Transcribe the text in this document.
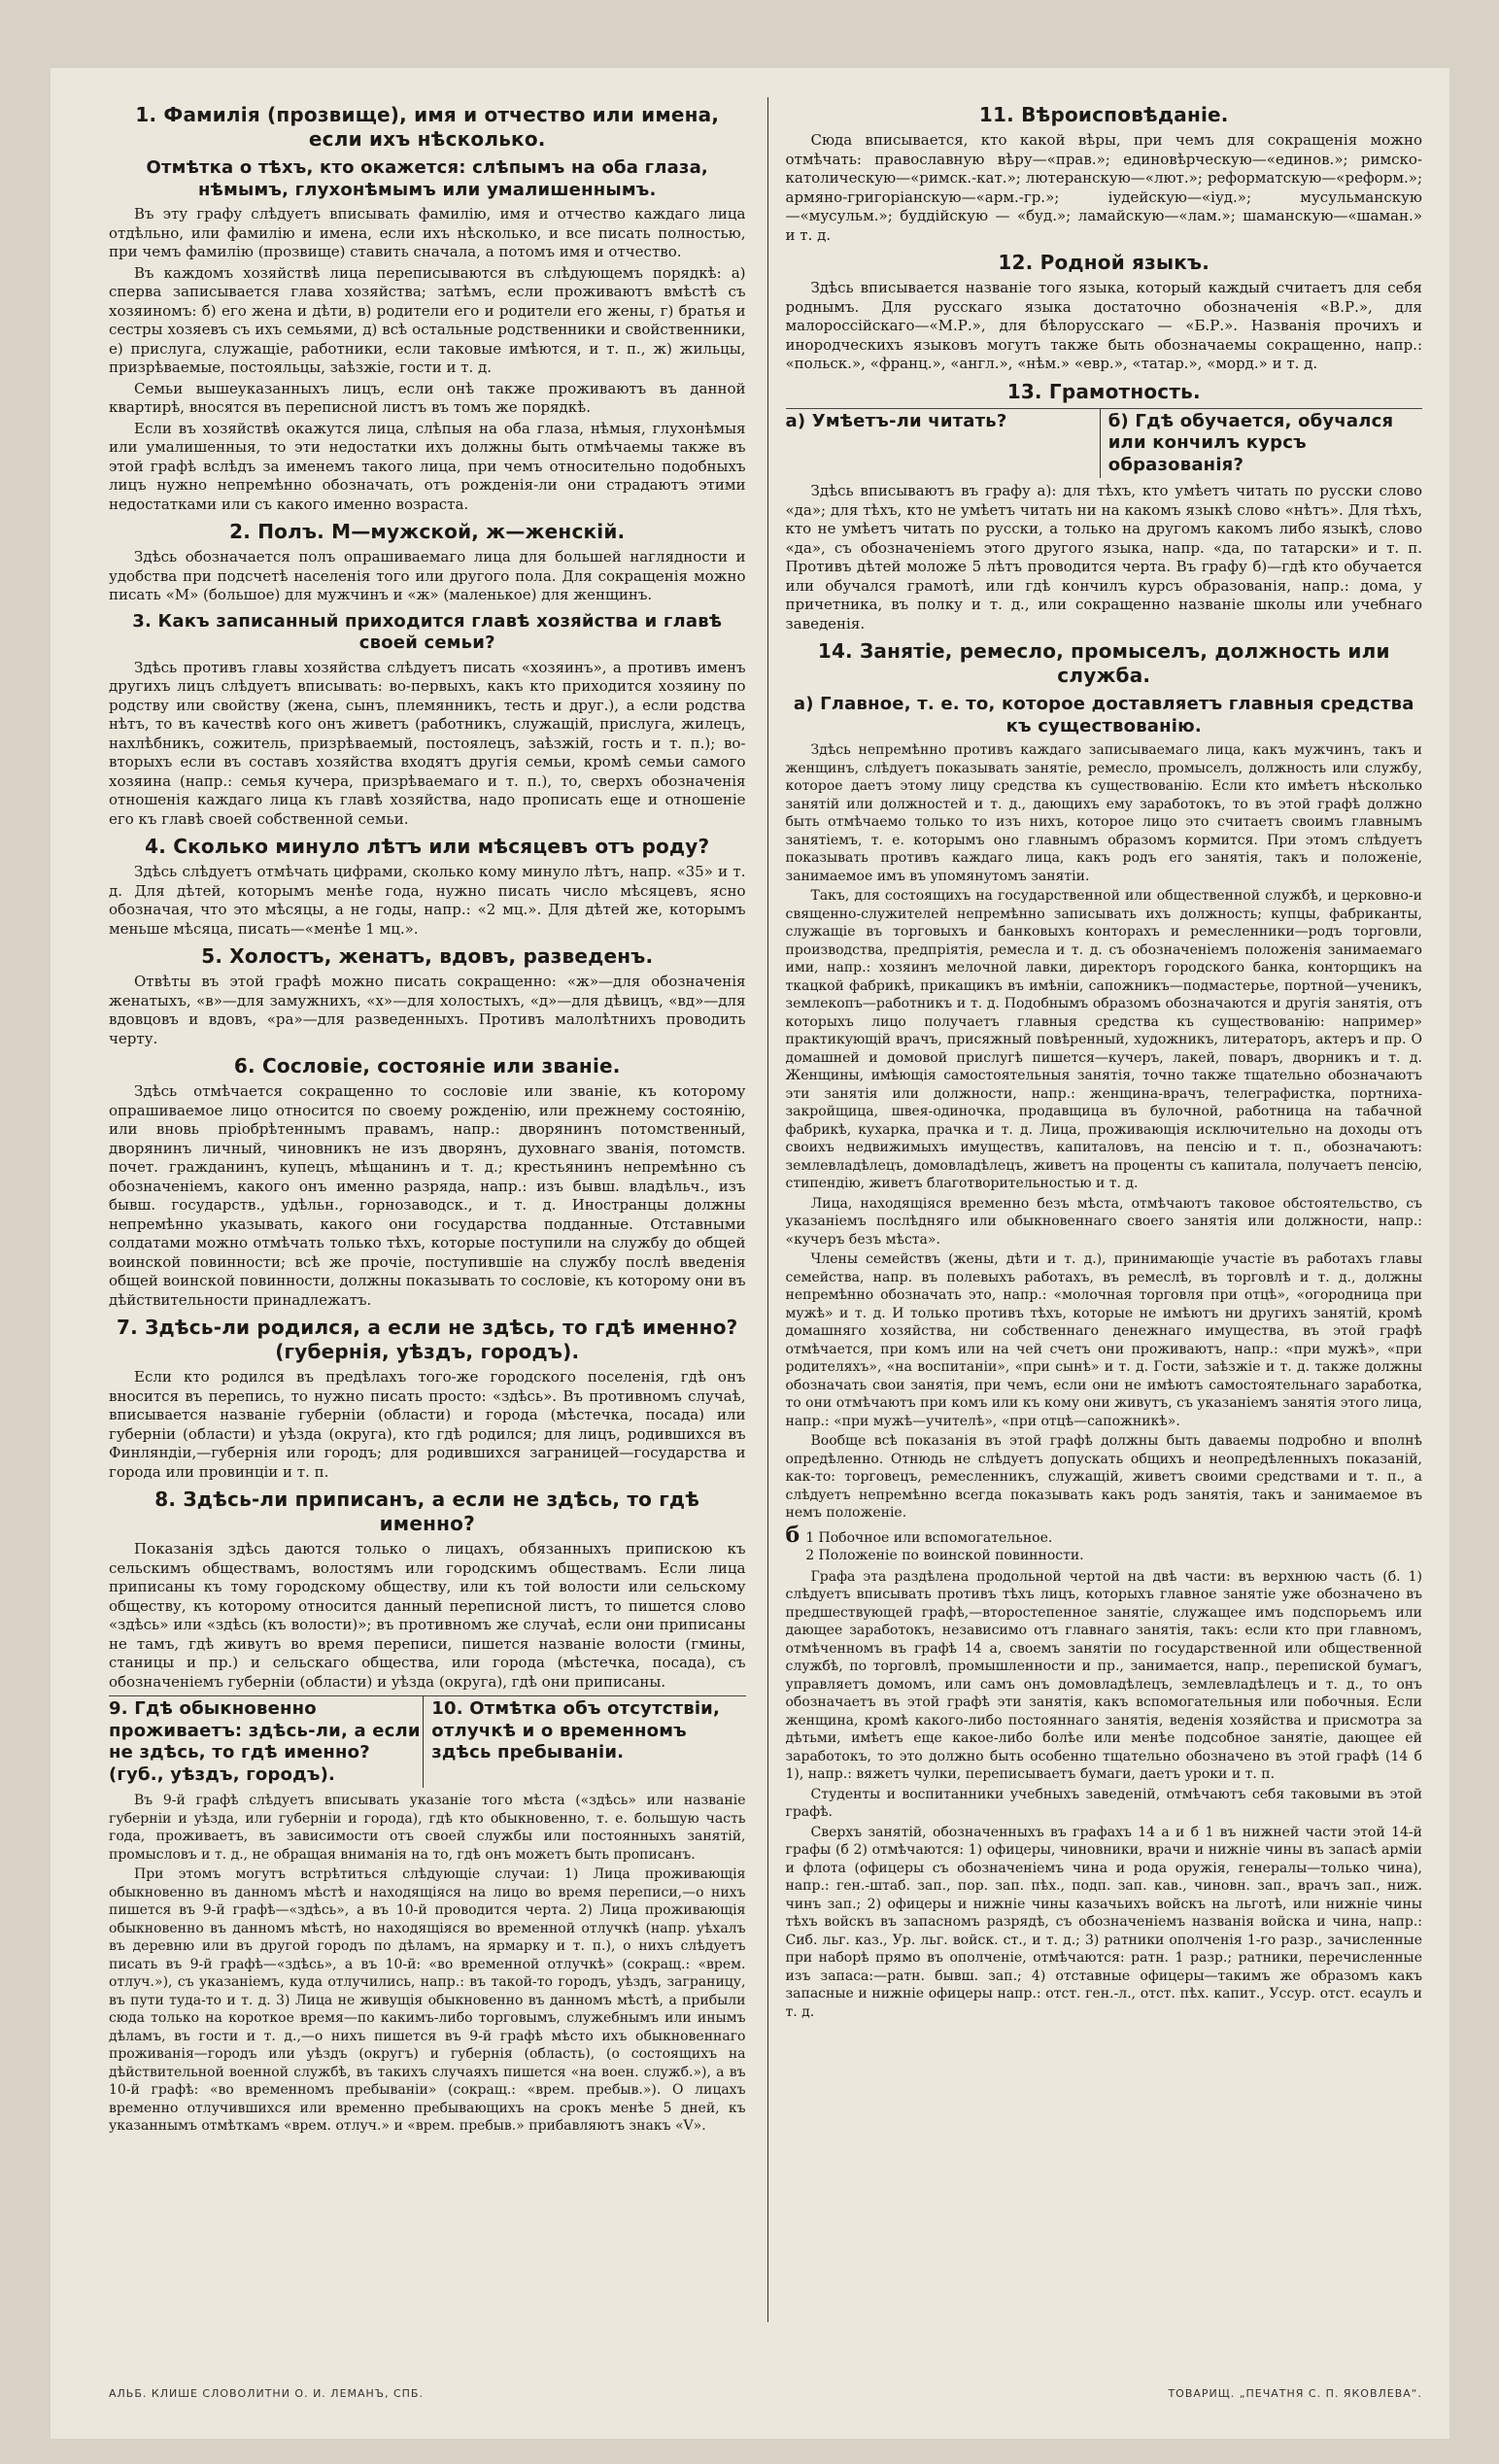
1. Фамилія (прозвище), имя и отчество или имена, если ихъ нѣсколько.
Отмѣтка о тѣхъ, кто окажется: слѣпымъ на оба глаза, нѣмымъ, глухонѣмымъ или умалишеннымъ.

Въ эту графу слѣдуетъ вписывать фамилію, имя и отчество каждаго лица отдѣльно, или фамилію и имена, если ихъ нѣсколько, и все писать полностью, при чемъ фамилію (прозвище) ставить сначала, а потомъ имя и отчество.

Въ каждомъ хозяйствѣ лица переписываются въ слѣдующемъ порядкѣ: а) сперва записывается глава хозяйства; затѣмъ, если проживаютъ вмѣстѣ съ хозяиномъ: б) его жена и дѣти, в) родители его и родители его жены, г) братья и сестры хозяевъ съ ихъ семьями, д) всѣ остальные родственники и свойственники, е) прислуга, служащіе, работники, если таковые имѣются, и т. п., ж) жильцы, призрѣваемые, постояльцы, заѣзжіе, гости и т. д.

Семьи вышеуказанныхъ лицъ, если онѣ также проживаютъ въ данной квартирѣ, вносятся въ переписной листъ въ томъ же порядкѣ.

Если въ хозяйствѣ окажутся лица, слѣпыя на оба глаза, нѣмыя, глухонѣмыя или умалишенныя, то эти недостатки ихъ должны быть отмѣчаемы также въ этой графѣ вслѣдъ за именемъ такого лица, при чемъ относительно подобныхъ лицъ нужно непремѣнно обозначать, отъ рожденія-ли они страдаютъ этими недостатками или съ какого именно возраста.

2. Полъ. М—мужской, ж—женскій.

Здѣсь обозначается полъ опрашиваемаго лица для большей наглядности и удобства при подсчетѣ населенія того или другого пола. Для сокращенія можно писать «М» (большое) для мужчинъ и «ж» (маленькое) для женщинъ.

3. Какъ записанный приходится главѣ хозяйства и главѣ своей семьи?

Здѣсь противъ главы хозяйства слѣдуетъ писать «хозяинъ», а противъ именъ другихъ лицъ слѣдуетъ вписывать: во-первыхъ, какъ кто приходится хозяину по родству или свойству (жена, сынъ, племянникъ, тесть и друг.), а если родства нѣтъ, то въ качествѣ кого онъ живетъ (работникъ, служащій, прислуга, жилецъ, нахлѣбникъ, сожитель, призрѣваемый, постоялецъ, заѣзжій, гость и т. п.); во-вторыхъ если въ составъ хозяйства входятъ другія семьи, кромѣ семьи самого хозяина (напр.: семья кучера, призрѣваемаго и т. п.), то, сверхъ обозначенія отношенія каждаго лица къ главѣ хозяйства, надо прописать еще и отношеніе его къ главѣ своей собственной семьи.

4. Сколько минуло лѣтъ или мѣсяцевъ отъ роду?

Здѣсь слѣдуетъ отмѣчать цифрами, сколько кому минуло лѣтъ, напр. «35» и т. д. Для дѣтей, которымъ менѣе года, нужно писать число мѣсяцевъ, ясно обозначая, что это мѣсяцы, а не годы, напр.: «2 мц.». Для дѣтей же, которымъ меньше мѣсяца, писать—«менѣе 1 мц.».

5. Холостъ, женатъ, вдовъ, разведенъ.

Отвѣты въ этой графѣ можно писать сокращенно: «ж»—для обозначенія женатыхъ, «в»—для замужнихъ, «х»—для холостыхъ, «д»—для дѣвицъ, «вд»—для вдовцовъ и вдовъ, «ра»—для разведенныхъ. Противъ малолѣтнихъ проводить черту.

6. Сословіе, состояніе или званіе.

Здѣсь отмѣчается сокращенно то сословіе или званіе, къ которому опрашиваемое лицо относится по своему рожденію, или прежнему состоянію, или вновь пріобрѣтеннымъ правамъ, напр.: дворянинъ потомственный, дворянинъ личный, чиновникъ не изъ дворянъ, духовнаго званія, потомств. почет. гражданинъ, купецъ, мѣщанинъ и т. д.; крестьянинъ непремѣнно съ обозначеніемъ, какого онъ именно разряда, напр.: изъ бывш. владѣльч., изъ бывш. государств., удѣльн., горнозаводск., и т. д. Иностранцы должны непремѣнно указывать, какого они государства подданные. Отставными солдатами можно отмѣчать только тѣхъ, которые поступили на службу до общей воинской повинности; всѣ же прочіе, поступившіе на службу послѣ введенія общей воинской повинности, должны показывать то сословіе, къ которому они въ дѣйствительности принадлежатъ.

7. Здѣсь-ли родился, а если не здѣсь, то гдѣ именно? (губернія, уѣздъ, городъ).

Если кто родился въ предѣлахъ того-же городского поселенія, гдѣ онъ вносится въ перепись, то нужно писать просто: «здѣсь». Въ противномъ случаѣ, вписывается названіе губерніи (области) и города (мѣстечка, посада) или губерніи (области) и уѣзда (округа), кто гдѣ родился; для лицъ, родившихся въ Финляндіи,—губернія или городъ; для родившихся заграницей—государства и города или провинціи и т. п.

8. Здѣсь-ли приписанъ, а если не здѣсь, то гдѣ именно?

Показанія здѣсь даются только о лицахъ, обязанныхъ припискою къ сельскимъ обществамъ, волостямъ или городскимъ обществамъ. Если лица приписаны къ тому городскому обществу, или къ той волости или сельскому обществу, къ которому относится данный переписной листъ, то пишется слово «здѣсь» или «здѣсь (къ волости)»; въ противномъ же случаѣ, если они приписаны не тамъ, гдѣ живутъ во время переписи, пишется названіе волости (гмины, станицы и пр.) и сельскаго общества, или города (мѣстечка, посада), съ обозначеніемъ губерніи (области) и уѣзда (округа), гдѣ они приписаны.

9. Гдѣ обыкновенно проживаетъ: здѣсь-ли, а если не здѣсь, то гдѣ именно? (губ., уѣздъ, городъ).
10. Отмѣтка объ отсутствіи, отлучкѣ и о временномъ здѣсь пребываніи.

Въ 9-й графѣ слѣдуетъ вписывать указаніе того мѣста («здѣсь» или названіе губерніи и уѣзда, или губерніи и города), гдѣ кто обыкновенно, т. е. большую часть года, проживаетъ, въ зависимости отъ своей службы или постоянныхъ занятій, промысловъ и т. д., не обращая вниманія на то, гдѣ онъ можетъ быть прописанъ.

При этомъ могутъ встрѣтиться слѣдующіе случаи: 1) Лица проживающія обыкновенно въ данномъ мѣстѣ и находящіяся на лицо во время переписи,—о нихъ пишется въ 9-й графѣ—«здѣсь», а въ 10-й проводится черта. 2) Лица проживающія обыкновенно въ данномъ мѣстѣ, но находящіяся во временной отлучкѣ (напр. уѣхалъ въ деревню или въ другой городъ по дѣламъ, на ярмарку и т. п.), о нихъ слѣдуетъ писать въ 9-й графѣ—«здѣсь», а въ 10-й: «во временной отлучкѣ» (сокращ.: «врем. отлуч.»), съ указаніемъ, куда отлучились, напр.: въ такой-то городъ, уѣздъ, заграницу, въ пути туда-то и т. д. 3) Лица не живущія обыкновенно въ данномъ мѣстѣ, а прибыли сюда только на короткое время—по какимъ-либо торговымъ, служебнымъ или инымъ дѣламъ, въ гости и т. д.,—о нихъ пишется въ 9-й графѣ мѣсто ихъ обыкновеннаго проживанія—городъ или уѣздъ (округъ) и губернія (область), (о состоящихъ на дѣйствительной военной службѣ, въ такихъ случаяхъ пишется «на воен. служб.»), а въ 10-й графѣ: «во временномъ пребываніи» (сокращ.: «врем. пребыв.»). О лицахъ временно отлучившихся или временно пребывающихъ на срокъ менѣе 5 дней, къ указаннымъ отмѣткамъ «врем. отлуч.» и «врем. пребыв.» прибавляютъ знакъ «V».

11. Вѣроисповѣданіе.

Сюда вписывается, кто какой вѣры, при чемъ для сокращенія можно отмѣчать: православную вѣру—«прав.»; единовѣрческую—«единов.»; римско-католическую—«римск.-кат.»; лютеранскую—«лют.»; реформатскую—«реформ.»; армяно-григоріанскую—«арм.-гр.»; іудейскую—«іуд.»; мусульманскую—«мусульм.»; буддійскую — «буд.»; ламайскую—«лам.»; шаманскую—«шаман.» и т. д.

12. Родной языкъ.

Здѣсь вписывается названіе того языка, который каждый считаетъ для себя роднымъ. Для русскаго языка достаточно обозначенія «В.Р.», для малороссійскаго—«М.Р.», для бѣлорусскаго — «Б.Р.». Названія прочихъ и инородческихъ языковъ могутъ также быть обозначаемы сокращенно, напр.: «польск.», «франц.», «англ.», «нѣм.» «евр.», «татар.», «морд.» и т. д.

13. Грамотность.
а) Умѣетъ-ли читать?	б) Гдѣ обучается, обучался или кончилъ курсъ образованія?

Здѣсь вписываютъ въ графу а): для тѣхъ, кто умѣетъ читать по русски слово «да»; для тѣхъ, кто не умѣетъ читать ни на какомъ языкѣ слово «нѣтъ». Для тѣхъ, кто не умѣетъ читать по русски, а только на другомъ какомъ либо языкѣ, слово «да», съ обозначеніемъ этого другого языка, напр. «да, по татарски» и т. п. Противъ дѣтей моложе 5 лѣтъ проводится черта. Въ графу б)—гдѣ кто обучается или обучался грамотѣ, или гдѣ кончилъ курсъ образованія, напр.: дома, у причетника, въ полку и т. д., или сокращенно названіе школы или учебнаго заведенія.

14. Занятіе, ремесло, промыселъ, должность или служба.
а) Главное, т. е. то, которое доставляетъ главныя средства къ существованію.

Здѣсь непремѣнно противъ каждаго записываемаго лица, какъ мужчинъ, такъ и женщинъ, слѣдуетъ показывать занятіе, ремесло, промыселъ, должность или службу, которое даетъ этому лицу средства къ существованію. Если кто имѣетъ нѣсколько занятій или должностей и т. д., дающихъ ему заработокъ, то въ этой графѣ должно быть отмѣчаемо только то изъ нихъ, которое лицо это считаетъ своимъ главнымъ занятіемъ, т. е. которымъ оно главнымъ образомъ кормится. При этомъ слѣдуетъ показывать противъ каждаго лица, какъ родъ его занятія, такъ и положеніе, занимаемое имъ въ упомянутомъ занятіи.

Такъ, для состоящихъ на государственной или общественной службѣ, и церковно-и священно-служителей непремѣнно записывать ихъ должность; купцы, фабриканты, служащіе въ торговыхъ и банковыхъ конторахъ и ремесленники—родъ торговли, производства, предпріятія, ремесла и т. д. съ обозначеніемъ положенія занимаемаго ими, напр.: хозяинъ мелочной лавки, директоръ городского банка, конторщикъ на ткацкой фабрикѣ, прикащикъ въ имѣніи, сапожникъ—подмастерье, портной—ученикъ, землекопъ—работникъ и т. д. Подобнымъ образомъ обозначаются и другія занятія, отъ которыхъ лицо получаетъ главныя средства къ существованію: например» практикующій врачъ, присяжный повѣренный, художникъ, литераторъ, актеръ и пр. О домашней и домовой прислугѣ пишется—кучеръ, лакей, поваръ, дворникъ и т. д. Женщины, имѣющія самостоятельныя занятія, точно также тщательно обозначаютъ эти занятія или должности, напр.: женщина-врачъ, телеграфистка, портниха-закройщица, швея-одиночка, продавщица въ булочной, работница на табачной фабрикѣ, кухарка, прачка и т. д. Лица, проживающія исключительно на доходы отъ своихъ недвижимыхъ имуществъ, капиталовъ, на пенсію и т. п., обозначаютъ: землевладѣлецъ, домовладѣлецъ, живетъ на проценты съ капитала, получаетъ пенсію, стипендію, живетъ благотворительностью и т. д.

Лица, находящіяся временно безъ мѣста, отмѣчаютъ таковое обстоятельство, съ указаніемъ послѣдняго или обыкновеннаго своего занятія или должности, напр.: «кучеръ безъ мѣста».

Члены семействъ (жены, дѣти и т. д.), принимающіе участіе въ работахъ главы семейства, напр. въ полевыхъ работахъ, въ ремеслѣ, въ торговлѣ и т. д., должны непремѣнно обозначать это, напр.: «молочная торговля при отцѣ», «огородница при мужѣ» и т. д. И только противъ тѣхъ, которые не имѣютъ ни другихъ занятій, кромѣ домашняго хозяйства, ни собственнаго денежнаго имущества, въ этой графѣ отмѣчается, при комъ или на чей счетъ они проживаютъ, напр.: «при мужѣ», «при родителяхъ», «на воспитаніи», «при сынѣ» и т. д. Гости, заѣзжіе и т. д. также должны обозначать свои занятія, при чемъ, если они не имѣютъ самостоятельнаго заработка, то они отмѣчаютъ при комъ или къ кому они живутъ, съ указаніемъ занятія этого лица, напр.: «при мужѣ—учителѣ», «при отцѣ—сапожникѣ».

Вообще всѣ показанія въ этой графѣ должны быть даваемы подробно и вполнѣ опредѣленно. Отнюдь не слѣдуетъ допускать общихъ и неопредѣленныхъ показаній, как-то: торговецъ, ремесленникъ, служащій, живетъ своими средствами и т. п., а слѣдуетъ непремѣнно всегда показывать какъ родъ занятія, такъ и занимаемое въ немъ положеніе.

б 1 Побочное или вспомогательное.
2 Положеніе по воинской повинности.

Графа эта раздѣлена продольной чертой на двѣ части: въ верхнюю часть (б. 1) слѣдуетъ вписывать противъ тѣхъ лицъ, которыхъ главное занятіе уже обозначено въ предшествующей графѣ,—второстепенное занятіе, служащее имъ подспорьемъ или дающее заработокъ, независимо отъ главнаго занятія, такъ: если кто при главномъ, отмѣченномъ въ графѣ 14 а, своемъ занятіи по государственной или общественной службѣ, по торговлѣ, промышленности и пр., занимается, напр., перепиской бумагъ, управляетъ домомъ, или самъ онъ домовладѣлецъ, землевладѣлецъ и т. д., то онъ обозначаетъ въ этой графѣ эти занятія, какъ вспомогательныя или побочныя. Если женщина, кромѣ какого-либо постояннаго занятія, веденія хозяйства и присмотра за дѣтьми, имѣетъ еще какое-либо болѣе или менѣе подсобное занятіе, дающее ей заработокъ, то это должно быть особенно тщательно обозначено въ этой графѣ (14 б 1), напр.: вяжетъ чулки, переписываетъ бумаги, даетъ уроки и т. п.

Студенты и воспитанники учебныхъ заведеній, отмѣчаютъ себя таковыми въ этой графѣ.

Сверхъ занятій, обозначенныхъ въ графахъ 14 а и б 1 въ нижней части этой 14-й графы (б 2) отмѣчаются: 1) офицеры, чиновники, врачи и нижніе чины въ запасѣ арміи и флота (офицеры съ обозначеніемъ чина и рода оружія, генералы—только чина), напр.: ген.-штаб. зап., пор. зап. пѣх., подп. зап. кав., чиновн. зап., врачъ зап., ниж. чинъ зап.; 2) офицеры и нижніе чины казачьихъ войскъ на льготѣ, или нижніе чины тѣхъ войскъ въ запасномъ разрядѣ, съ обозначеніемъ названія войска и чина, напр.: Сиб. льг. каз., Ур. льг. войск. ст., и т. д.; 3) ратники ополченія 1-го разр., зачисленные при наборѣ прямо въ ополченіе, отмѣчаются: ратн. 1 разр.; ратники, перечисленные изъ запаса:—ратн. бывш. зап.; 4) отставные офицеры—такимъ же образомъ какъ запасные и нижніе офицеры напр.: отст. ген.-л., отст. пѣх. капит., Уссур. отст. есаулъ и т. д.

АЛЬБ. КЛИШЕ СЛОВОЛИТНИ О. И. ЛЕМАНЪ, СПБ.	ТОВАРИЩ. „ПЕЧАТНЯ С. П. ЯКОВЛЕВА“.
